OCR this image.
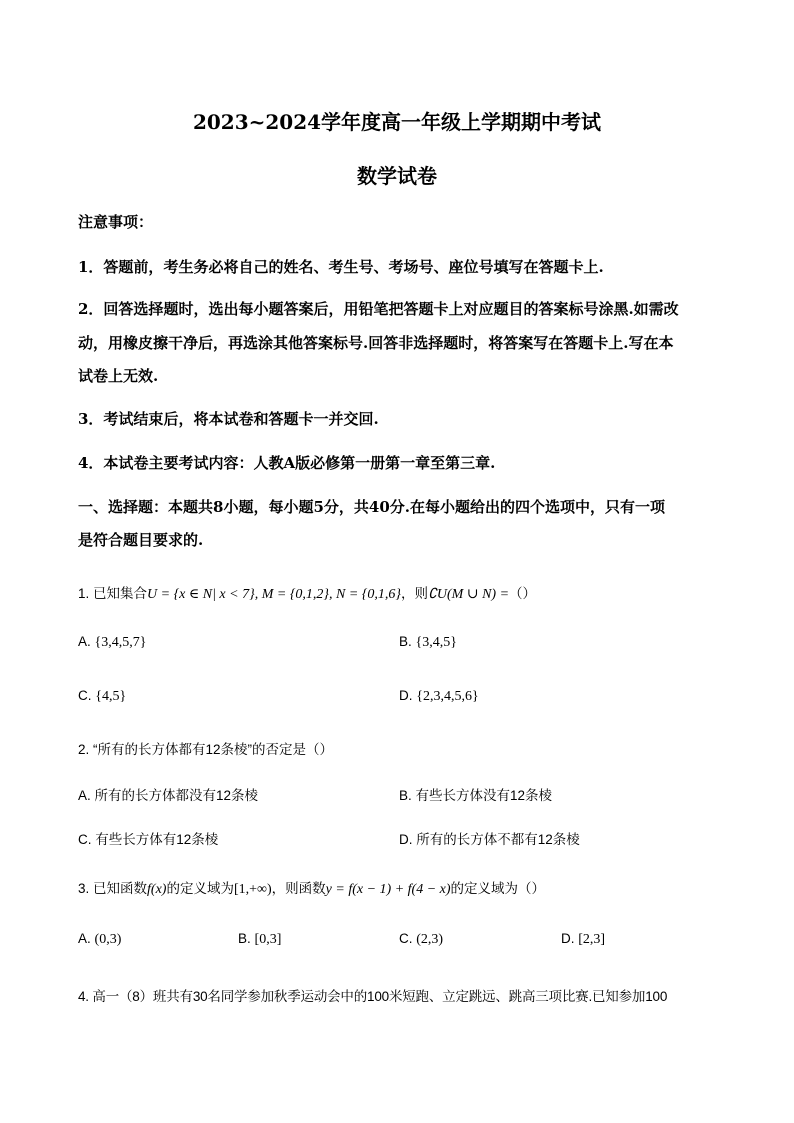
2023~2024学年度高一年级上学期期中考试
数学试卷
注意事项：
1．答题前，考生务必将自己的姓名、考生号、考场号、座位号填写在答题卡上.
2．回答选择题时，选出每小题答案后，用铅笔把答题卡上对应题目的答案标号涂黑.如需改
动，用橡皮擦干净后，再选涂其他答案标号.回答非选择题时，将答案写在答题卡上.写在本
试卷上无效.
3．考试结束后，将本试卷和答题卡一并交回.
4．本试卷主要考试内容：人教A版必修第一册第一章至第三章.
一、选择题：本题共8小题，每小题5分，共40分.在每小题给出的四个选项中，只有一项
是符合题目要求的.
1. 已知集合U = {x ∈ N| x < 7}, M = {0,1,2}, N = {0,1,6}，则∁U(M ∪ N) =（）
A. {3,4,5,7}	B. {3,4,5}
C. {4,5}	D. {2,3,4,5,6}
2. “所有的长方体都有12条棱”的否定是（）
A. 所有的长方体都没有12条棱	B. 有些长方体没有12条棱
C. 有些长方体有12条棱	D. 所有的长方体不都有12条棱
3. 已知函数f(x)的定义域为[1,+∞)，则函数y = f(x − 1) + f(4 − x)的定义域为（）
A. (0,3)	B. [0,3]	C. (2,3)	D. [2,3]
4. 高一（8）班共有30名同学参加秋季运动会中的100米短跑、立定跳远、跳高三项比赛.已知参加100
